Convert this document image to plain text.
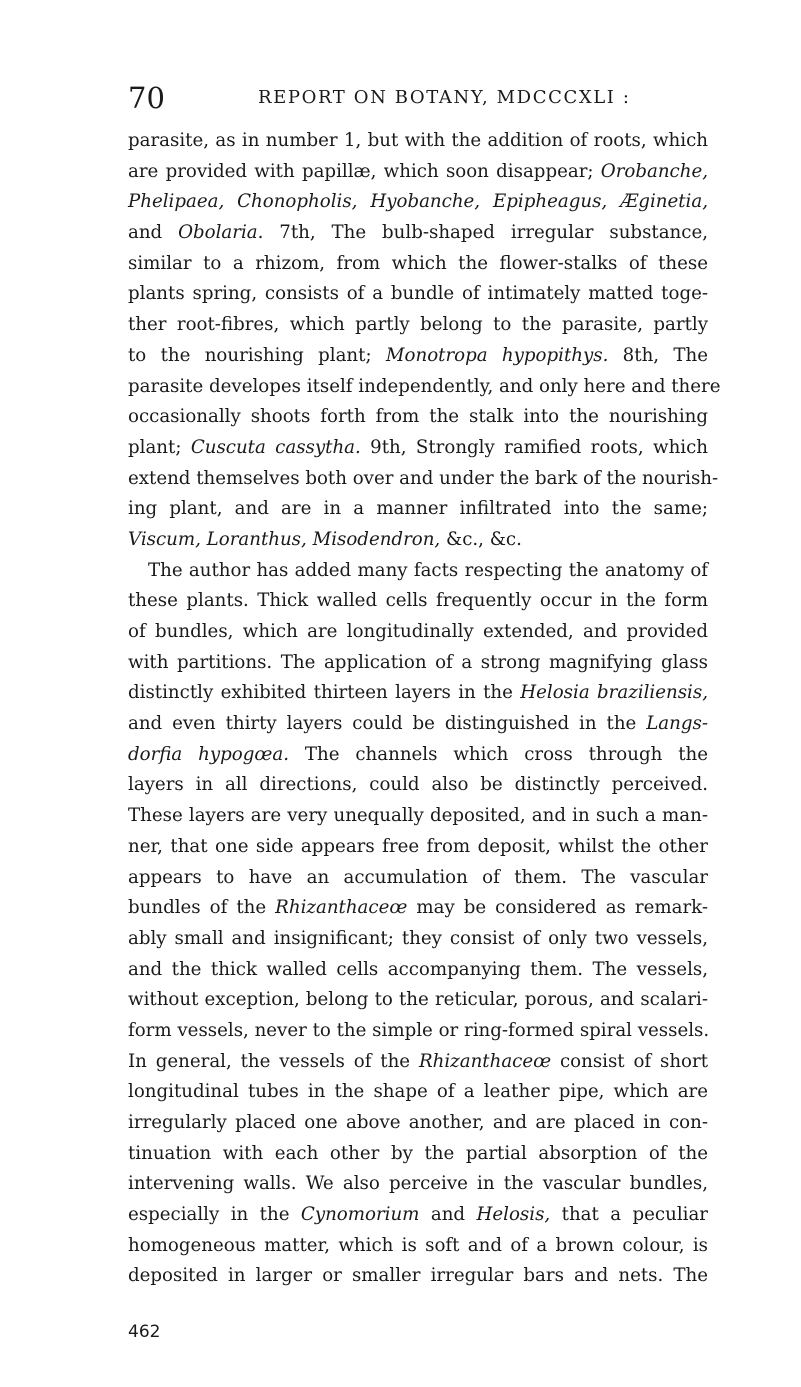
70	REPORT ON BOTANY, MDCCCXLI :
parasite, as in number 1, but with the addition of roots, which
are provided with papillæ, which soon disappear; Orobanche,
Phelipaea, Chonopholis, Hyobanche, Epipheagus, Æginetia,
and Obolaria. 7th, The bulb-shaped irregular substance,
similar to a rhizom, from which the flower-stalks of these
plants spring, consists of a bundle of intimately matted toge-
ther root-fibres, which partly belong to the parasite, partly
to the nourishing plant; Monotropa hypopithys. 8th, The
parasite developes itself independently, and only here and there
occasionally shoots forth from the stalk into the nourishing
plant; Cuscuta cassytha. 9th, Strongly ramified roots, which
extend themselves both over and under the bark of the nourish-
ing plant, and are in a manner infiltrated into the same;
Viscum, Loranthus, Misodendron, &c., &c.
The author has added many facts respecting the anatomy of
these plants. Thick walled cells frequently occur in the form
of bundles, which are longitudinally extended, and provided
with partitions. The application of a strong magnifying glass
distinctly exhibited thirteen layers in the Helosia braziliensis,
and even thirty layers could be distinguished in the Langs-
dorfia hypogœa. The channels which cross through the
layers in all directions, could also be distinctly perceived.
These layers are very unequally deposited, and in such a man-
ner, that one side appears free from deposit, whilst the other
appears to have an accumulation of them. The vascular
bundles of the Rhizanthaceœ may be considered as remark-
ably small and insignificant; they consist of only two vessels,
and the thick walled cells accompanying them. The vessels,
without exception, belong to the reticular, porous, and scalari-
form vessels, never to the simple or ring-formed spiral vessels.
In general, the vessels of the Rhizanthaceœ consist of short
longitudinal tubes in the shape of a leather pipe, which are
irregularly placed one above another, and are placed in con-
tinuation with each other by the partial absorption of the
intervening walls. We also perceive in the vascular bundles,
especially in the Cynomorium and Helosis, that a peculiar
homogeneous matter, which is soft and of a brown colour, is
deposited in larger or smaller irregular bars and nets. The
462
